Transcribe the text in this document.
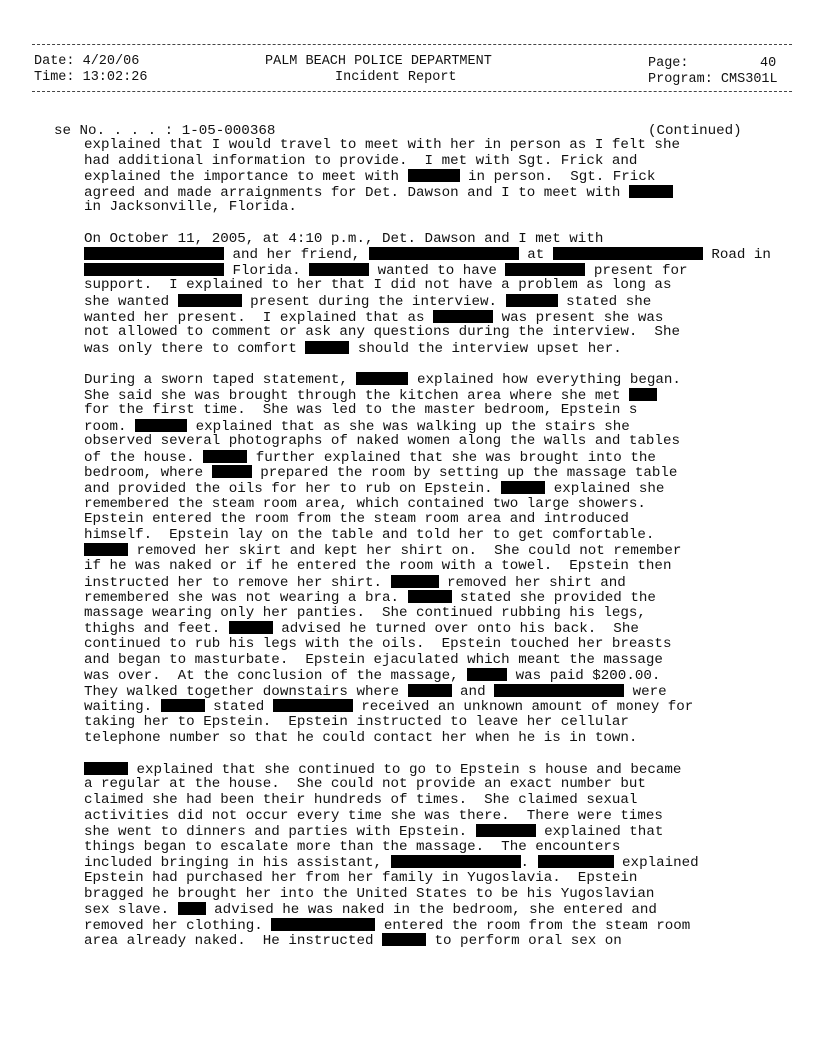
Date: 4/20/06
Time: 13:02:26
PALM BEACH POLICE DEPARTMENT
Incident Report
Page:	40
Program: CMS301L
se No. . . . : 1-05-000368	(Continued)
explained that I would travel to meet with her in person as I felt she
had additional information to provide.  I met with Sgt. Frick and
explained the importance to meet with	in person.  Sgt. Frick
agreed and made arraignments for Det. Dawson and I to meet with
in Jacksonville, Florida.
On October 11, 2005, at 4:10 p.m., Det. Dawson and I met with
and her friend,	at	Road in
Florida.	wanted to have	present for
support.  I explained to her that I did not have a problem as long as
she wanted	present during the interview.	stated she
wanted her present.  I explained that as	was present she was
not allowed to comment or ask any questions during the interview.  She
was only there to comfort	should the interview upset her.
During a sworn taped statement,	explained how everything began.
She said she was brought through the kitchen area where she met
for the first time.  She was led to the master bedroom, Epstein s
room.	explained that as she was walking up the stairs she
observed several photographs of naked women along the walls and tables
of the house.	further explained that she was brought into the
bedroom, where	prepared the room by setting up the massage table
and provided the oils for her to rub on Epstein.	explained she
remembered the steam room area, which contained two large showers.
Epstein entered the room from the steam room area and introduced
himself.  Epstein lay on the table and told her to get comfortable.
removed her skirt and kept her shirt on.  She could not remember
if he was naked or if he entered the room with a towel.  Epstein then
instructed her to remove her shirt.	removed her shirt and
remembered she was not wearing a bra.	stated she provided the
massage wearing only her panties.  She continued rubbing his legs,
thighs and feet.	advised he turned over onto his back.  She
continued to rub his legs with the oils.  Epstein touched her breasts
and began to masturbate.  Epstein ejaculated which meant the massage
was over.  At the conclusion of the massage,	was paid $200.00.
They walked together downstairs where	and	were
waiting.	stated	received an unknown amount of money for
taking her to Epstein.  Epstein instructed to leave her cellular
telephone number so that he could contact her when he is in town.
explained that she continued to go to Epstein s house and became
a regular at the house.  She could not provide an exact number but
claimed she had been their hundreds of times.  She claimed sexual
activities did not occur every time she was there.  There were times
she went to dinners and parties with Epstein.	explained that
things began to escalate more than the massage.  The encounters
included bringing in his assistant,	.	explained
Epstein had purchased her from her family in Yugoslavia.  Epstein
bragged he brought her into the United States to be his Yugoslavian
sex slave.  advised he was naked in the bedroom, she entered and
removed her clothing.	entered the room from the steam room
area already naked.  He instructed	to perform oral sex on
